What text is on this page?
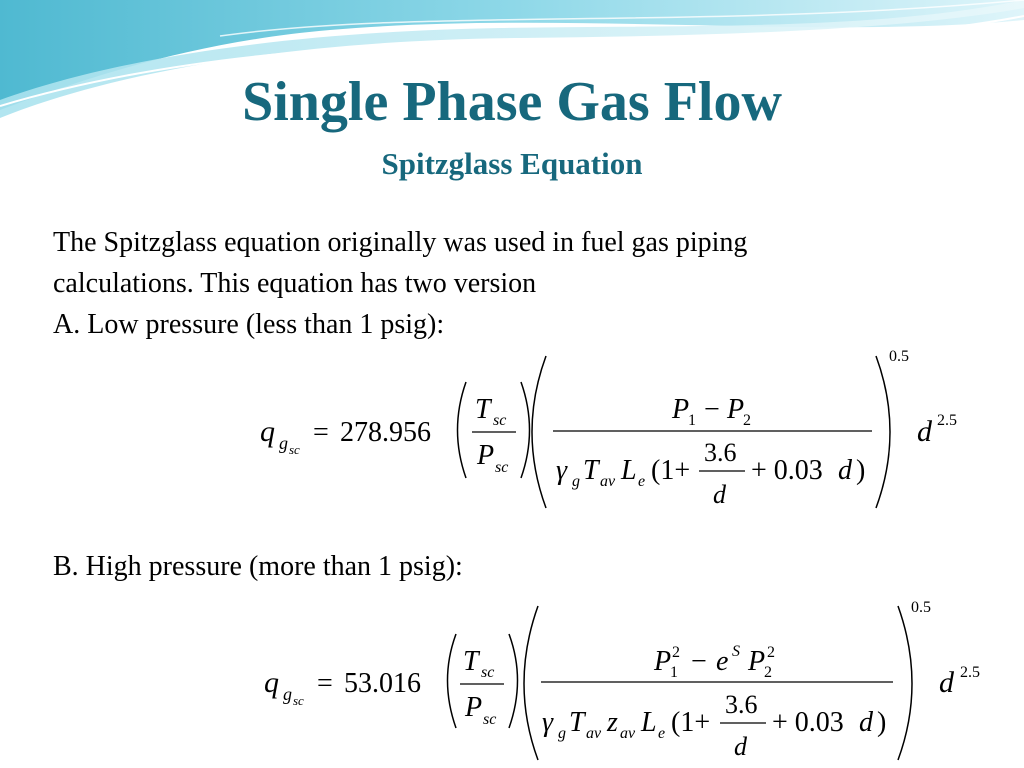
Single Phase Gas Flow
Spitzglass Equation
The Spitzglass equation originally was used in fuel gas piping
calculations. This equation has two version
A. Low pressure (less than 1 psig):
B. High pressure (more than 1 psig):
q g sc
= 278.956
T sc
P sc
P
1 − P
2
γ g T av L e (1+
3.6
d
+ 0.03 d )
0.5
d 2.5
q g sc
= 53.016
T sc
P sc
P 2
1 − e S P 2
2
γ g T av z av L e (1+
3.6
d
+ 0.03 d )
0.5
d 2.5
